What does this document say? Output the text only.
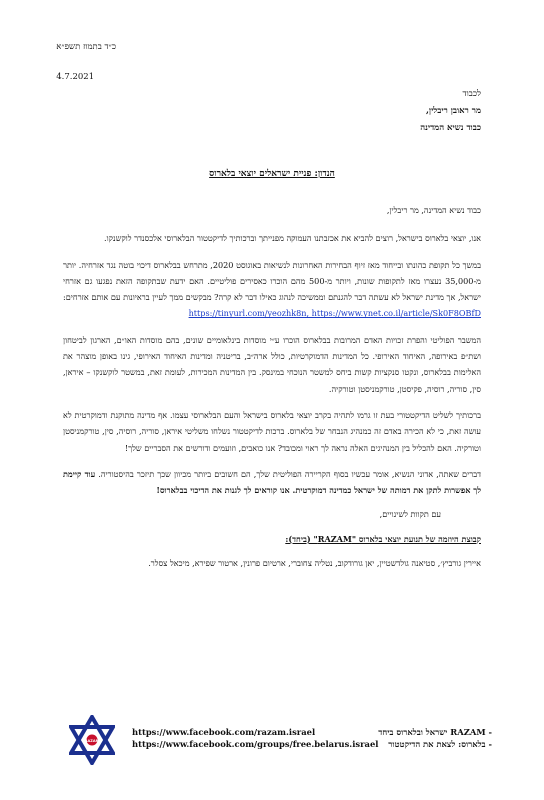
כ״ד בתמוז תשפ״א
4.7.2021
לכבוד
מר ראובן ריבלין,
כבוד נשיא המדינה
הנדון: פניית ישראלים יוצאי בלארוס

כבוד נשיא המדינה, מר ריבלין,

אנו, יוצאי בלארוס בישראל, רוצים להביא את אכזבתנו העמוקה מפנייתך וברכותיך לדיקטטור הבלארוסי אלכסנדר לוקשנקו.

במשך כל תקופת כהונתו ובייחוד מאז זיוף הבחירות האחרונות לנשיאות באוגוסט 2020, מתרחש בבלארוס דיכוי בוטה נגד אזרחיה. יותר מ-35,000 נעצרו מאז לתקופות שונות, ויותר מ-500 מהם הוכרו כאסירים פוליטיים. האם ידעת שבתקופה הזאת נפגעו גם אזרחי ישראל, אך מדינת ישראל לא עשתה דבר להגנתם וממשיכה לנהוג כאילו דבר לא קרה? מבקשים ממך לעיין בראיונות עם אותם אזרחים: https://tinyurl.com/yeozhk8n, https://www.ynet.co.il/article/Sk0F8OBfD

המשבר הפוליטי והפרת זכויות האדם המרובות בבלארוס הוכרו ע״י מוסדות בינלאומיים שונים, בהם מוסדות האו״ם, הארגון לביטחון ושת״פ באירופה, האיחוד האירופי. כל המדינות הדמוקרטיות, כולל ארה״ב, בריטניה ומדינות האיחוד האירופי, גינו באופן מוצהר את האלימות בבלארוס, ונקטו סנקציות קשות ביחס למשטר הנוכחי במינסק. בין המדינות המכירות, לעומת זאת, במשטר לוקשנקו – איראן, סין, סוריה, רוסיה, פקיסטן, טורקמניסטן וטורקיה.

ברכותיך לשליט הדיקטטורי בעת זו גרמו לתהיה בקרב יוצאי בלארוס בישראל והעם הבלארוסי עצמו. אף מדינה מתוקנת ודמוקרטית לא עושה זאת, כי לא הכירה באדם זה כמנהיג הנבחר של בלארוס. ברכות לדיקטטור נשלחו משליטי איראן, סוריה, רוסיה, סין, טורקמניסטן וטורקיה. האם להכליל בין המנהיגים האלה נראה לך ראוי ומכובד? אנו כואבים, וזועמים ודורשים את הסבריים שלך!

דברים שאתה, אדוני הנשיא, אומר עכשיו בסוף הקריירה הפוליטית שלך, הם חשובים ביותר מכיוון שכך תיזכר בהיסטוריה. עוד קיימת לך אפשרות לתקן את דמותה של ישראל כמדינה דמוקרטית. אנו קוראים לך לגנות את הדיכוי בבלארוס!

עם תקוות לשינויים,

קבוצת היוזמה של תנועת יוצאי בלארוס "RAZAM" (ביחד):

איירין גורביץ׳, סטיאנה גולדשטיין, יאן גורודקוב, נטליה צחוברי, ארטיום פרונין, ארטור שפירא, מיכאל צסלר.

RAZAM
https://www.facebook.com/razam.israel	- RAZAM ישראל ובלארוס ביחד
https://www.facebook.com/groups/free.belarus.israel - בלארוס: לצאת את הדיקטטור
